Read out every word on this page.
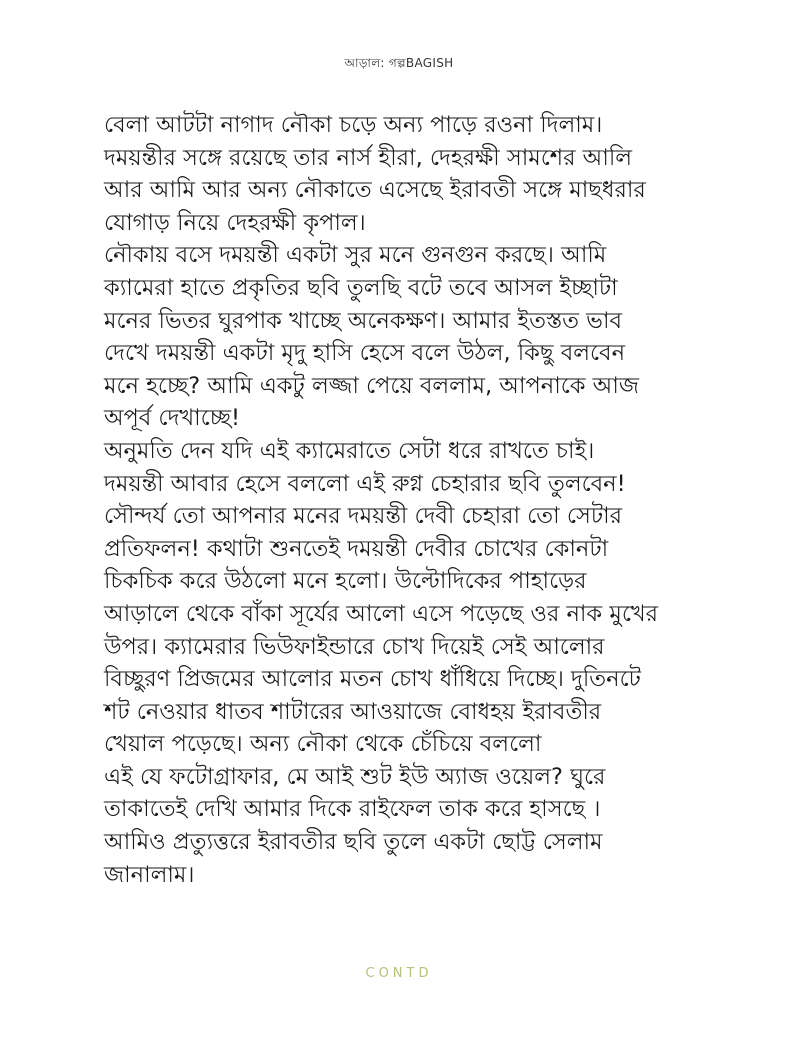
আড়াল: গল্পBAGISH
বেলা আটটা নাগাদ নৌকা চড়ে অন্য পাড়ে রওনা দিলাম।
দময়ন্তীর সঙ্গে রয়েছে তার নার্স হীরা, দেহরক্ষী সামশের আলি
আর আমি আর অন্য নৌকাতে এসেছে ইরাবতী সঙ্গে মাছধরার
যোগাড় নিয়ে দেহরক্ষী কৃপাল।
নৌকায় বসে দময়ন্তী একটা সুর মনে গুনগুন করছে। আমি
ক্যামেরা হাতে প্রকৃতির ছবি তুলছি বটে তবে আসল ইচ্ছাটা
মনের ভিতর ঘুরপাক খাচ্ছে অনেকক্ষণ। আমার ইতস্তত ভাব
দেখে দময়ন্তী একটা মৃদু হাসি হেসে বলে উঠল, কিছু বলবেন
মনে হচ্ছে? আমি একটু লজ্জা পেয়ে বললাম, আপনাকে আজ
অপূর্ব দেখাচ্ছে!
অনুমতি দেন যদি এই ক্যামেরাতে সেটা ধরে রাখতে চাই।
দময়ন্তী আবার হেসে বললো এই রুগ্ন চেহারার ছবি তুলবেন!
সৌন্দর্য তো আপনার মনের দময়ন্তী দেবী চেহারা তো সেটার
প্রতিফলন! কথাটা শুনতেই দময়ন্তী দেবীর চোখের কোনটা
চিকচিক করে উঠলো মনে হলো। উল্টোদিকের পাহাড়ের
আড়ালে থেকে বাঁকা সূর্যের আলো এসে পড়েছে ওর নাক মুখের
উপর। ক্যামেরার ভিউফাইন্ডারে চোখ দিয়েই সেই আলোর
বিচ্ছুরণ প্রিজমের আলোর মতন চোখ ধাঁধিয়ে দিচ্ছে। দুতিনটে
শট নেওয়ার ধাতব শাটারের আওয়াজে বোধহয় ইরাবতীর
খেয়াল পড়েছে। অন্য নৌকা থেকে চেঁচিয়ে বললো
এই যে ফটোগ্রাফার, মে আই শুট ইউ অ্যাজ ওয়েল? ঘুরে
তাকাতেই দেখি আমার দিকে রাইফেল তাক করে হাসছে ।
আমিও প্রত্যুত্তরে ইরাবতীর ছবি তুলে একটা ছোট্ট সেলাম
জানালাম।
CONTD
